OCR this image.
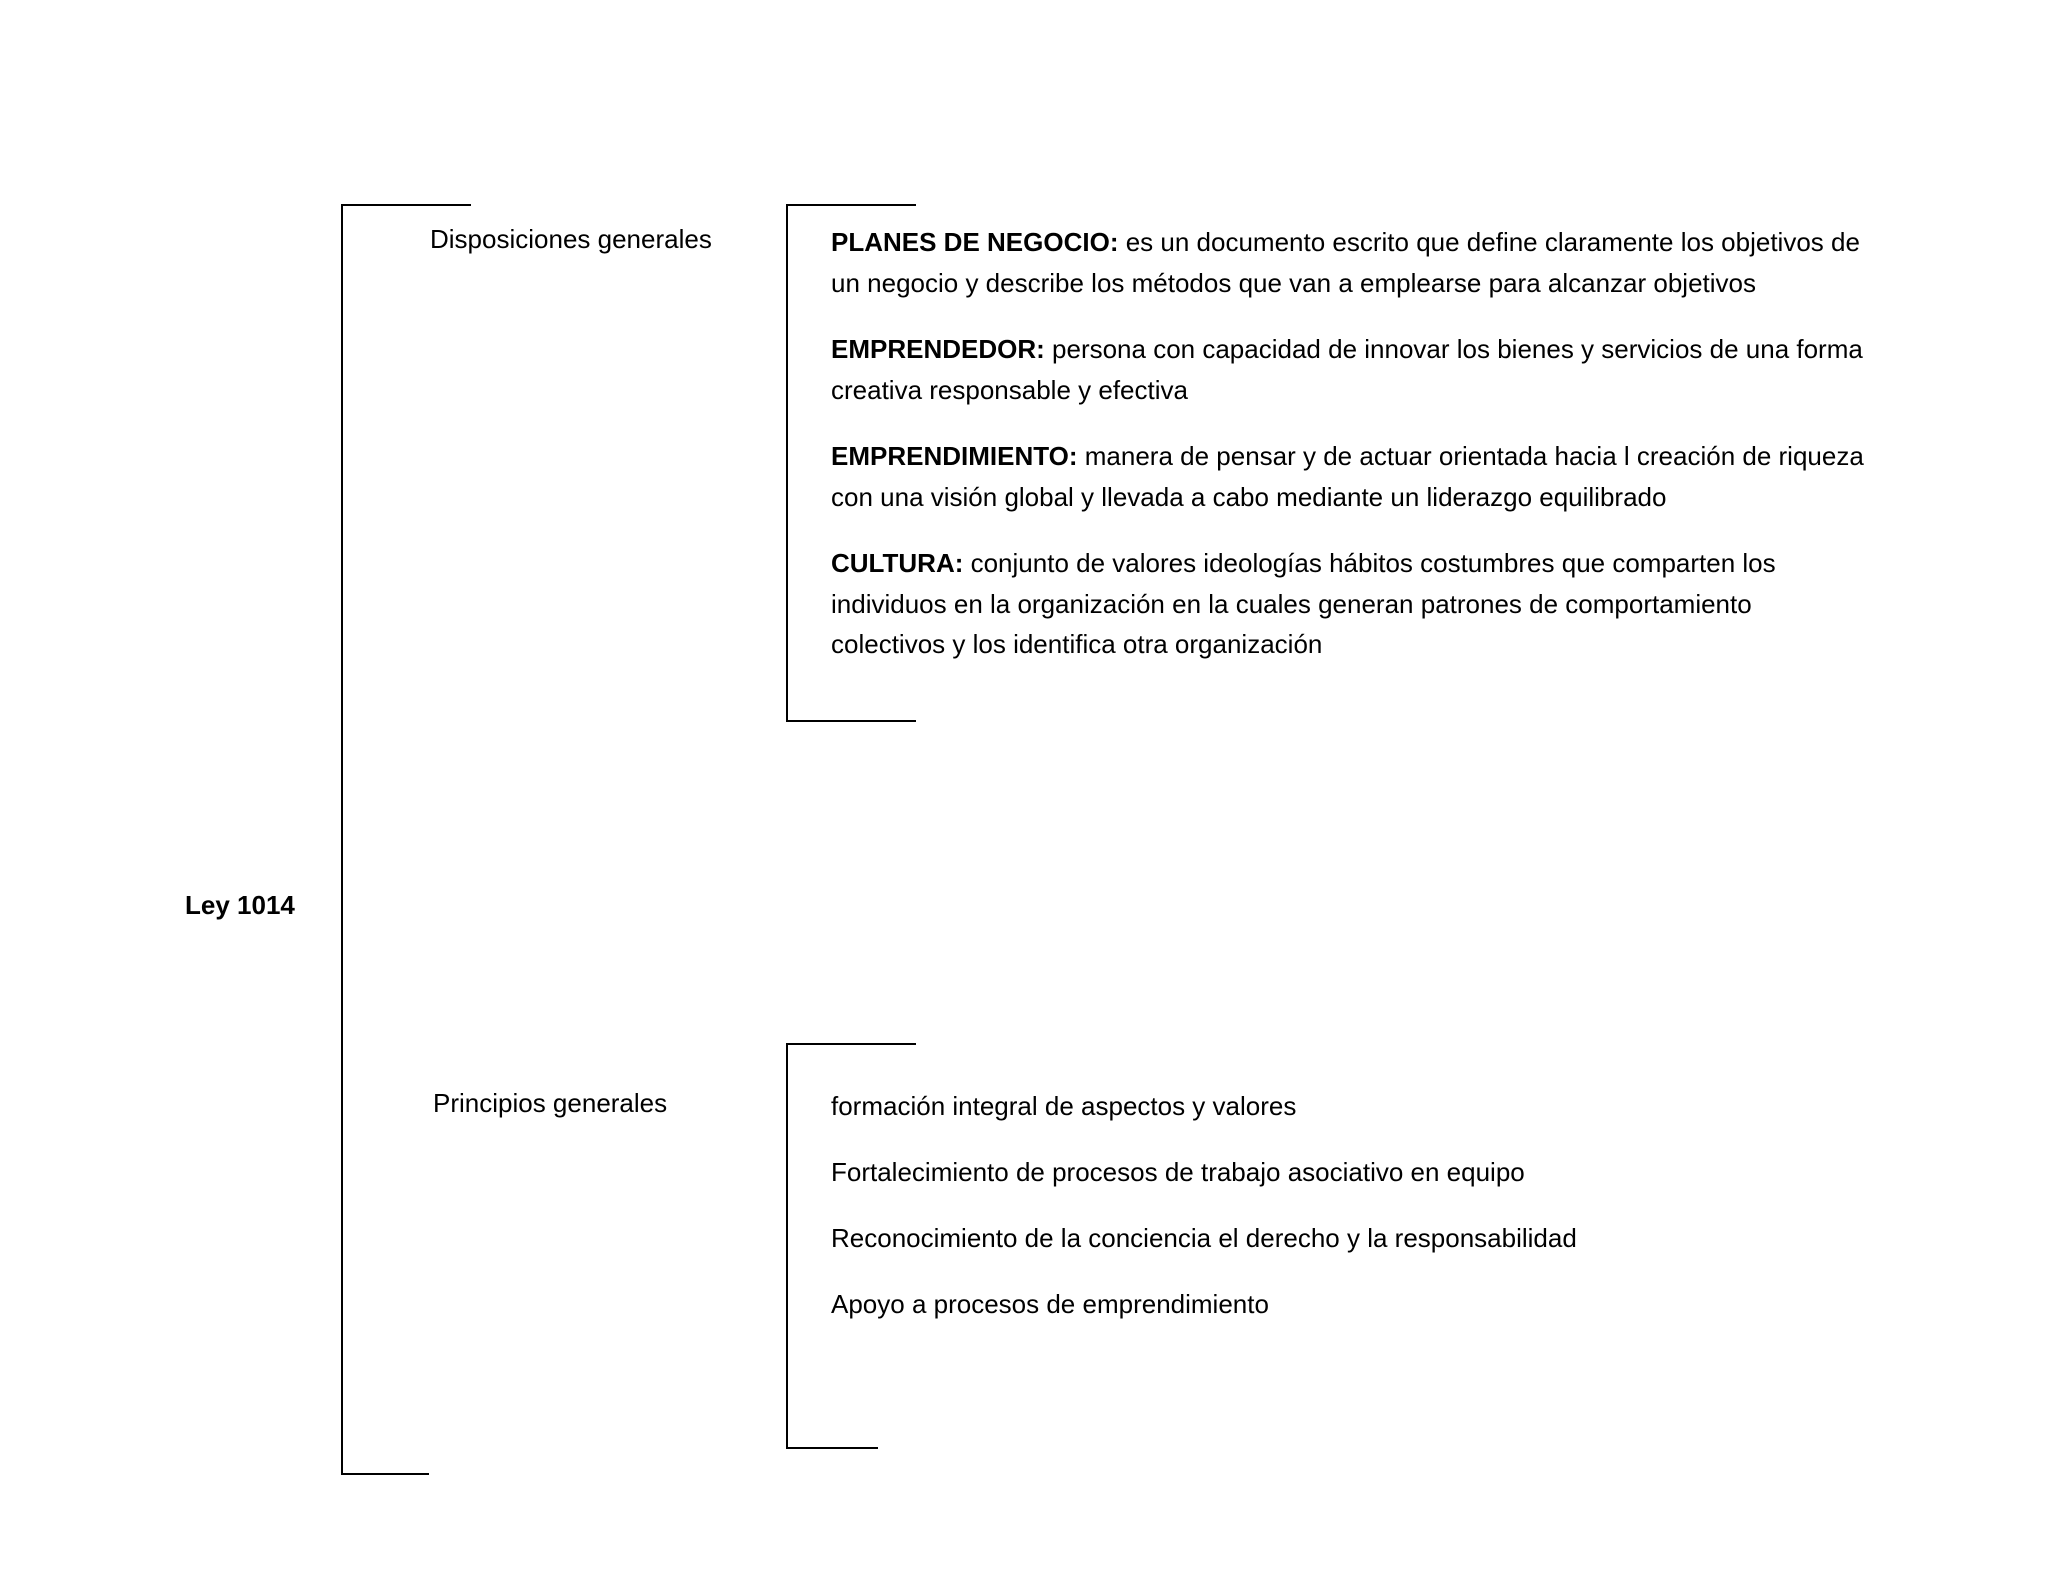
Ley 1014
Disposiciones generales	PLANES DE NEGOCIO: es un documento escrito que define claramente los objetivos de un negocio y describe los métodos que van a emplearse para alcanzar objetivos
EMPRENDEDOR: persona con capacidad de innovar los bienes y servicios de una forma creativa responsable y efectiva
EMPRENDIMIENTO: manera de pensar y de actuar orientada hacia l creación de riqueza con una visión global y llevada a cabo mediante un liderazgo equilibrado
CULTURA: conjunto de valores ideologías hábitos costumbres que comparten los individuos en la organización en la cuales generan patrones de comportamiento colectivos y los identifica otra organización
Principios generales	formación integral de aspectos y valores
Fortalecimiento de procesos de trabajo asociativo en equipo
Reconocimiento de la conciencia el derecho y la responsabilidad
Apoyo a procesos de emprendimiento
